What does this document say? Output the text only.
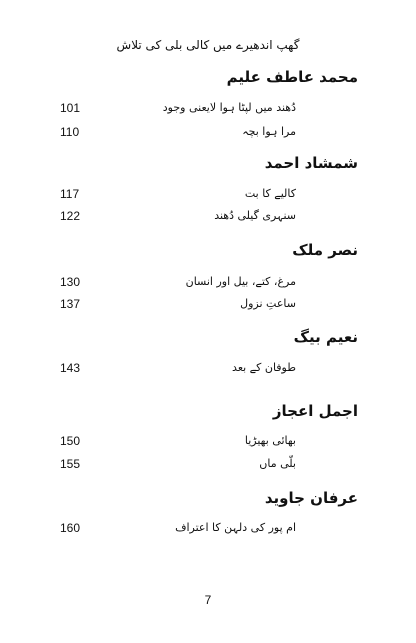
گھپ اندھیرے میں کالی بلی کی تلاش
محمد عاطف علیم
101	دُھند میں لپٹا ہوا لایعنی وجود
110	مرا ہوا بچہ
شمشاد احمد
117	کالیے کا بت
122	سنہری گیلی دُھند
نصر ملک
130	مرغ، کتے، بیل اور انسان
137	ساعتِ نزول
نعیم بیگ
143	طوفان کے بعد
اجمل اعجاز
150	بھائی بھیڑیا
155	بلّی ماں
عرفان جاوید
160	ام پور کی دلہن کا اعتراف
7
